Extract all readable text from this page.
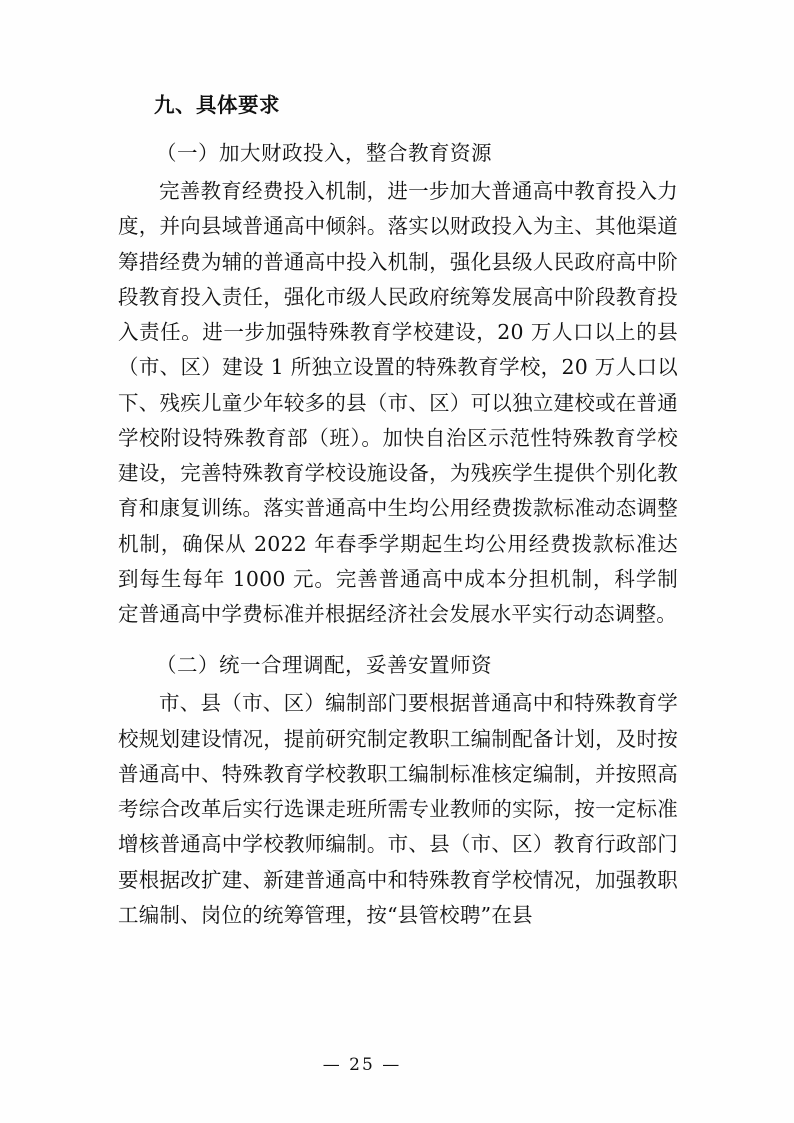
九、具体要求
（一）加大财政投入，整合教育资源

完善教育经费投入机制，进一步加大普通高中教育投入力度，并向县域普通高中倾斜。落实以财政投入为主、其他渠道筹措经费为辅的普通高中投入机制，强化县级人民政府高中阶段教育投入责任，强化市级人民政府统筹发展高中阶段教育投入责任。进一步加强特殊教育学校建设，20 万人口以上的县（市、区）建设 1 所独立设置的特殊教育学校，20 万人口以下、残疾儿童少年较多的县（市、区）可以独立建校或在普通学校附设特殊教育部（班）。加快自治区示范性特殊教育学校建设，完善特殊教育学校设施设备，为残疾学生提供个别化教育和康复训练。落实普通高中生均公用经费拨款标准动态调整机制，确保从 2022 年春季学期起生均公用经费拨款标准达到每生每年 1000 元。完善普通高中成本分担机制，科学制定普通高中学费标准并根据经济社会发展水平实行动态调整。

（二）统一合理调配，妥善安置师资

市、县（市、区）编制部门要根据普通高中和特殊教育学校规划建设情况，提前研究制定教职工编制配备计划，及时按普通高中、特殊教育学校教职工编制标准核定编制，并按照高考综合改革后实行选课走班所需专业教师的实际，按一定标准增核普通高中学校教师编制。市、县（市、区）教育行政部门要根据改扩建、新建普通高中和特殊教育学校情况，加强教职工编制、岗位的统筹管理，按“县管校聘”在县

— 25 —
